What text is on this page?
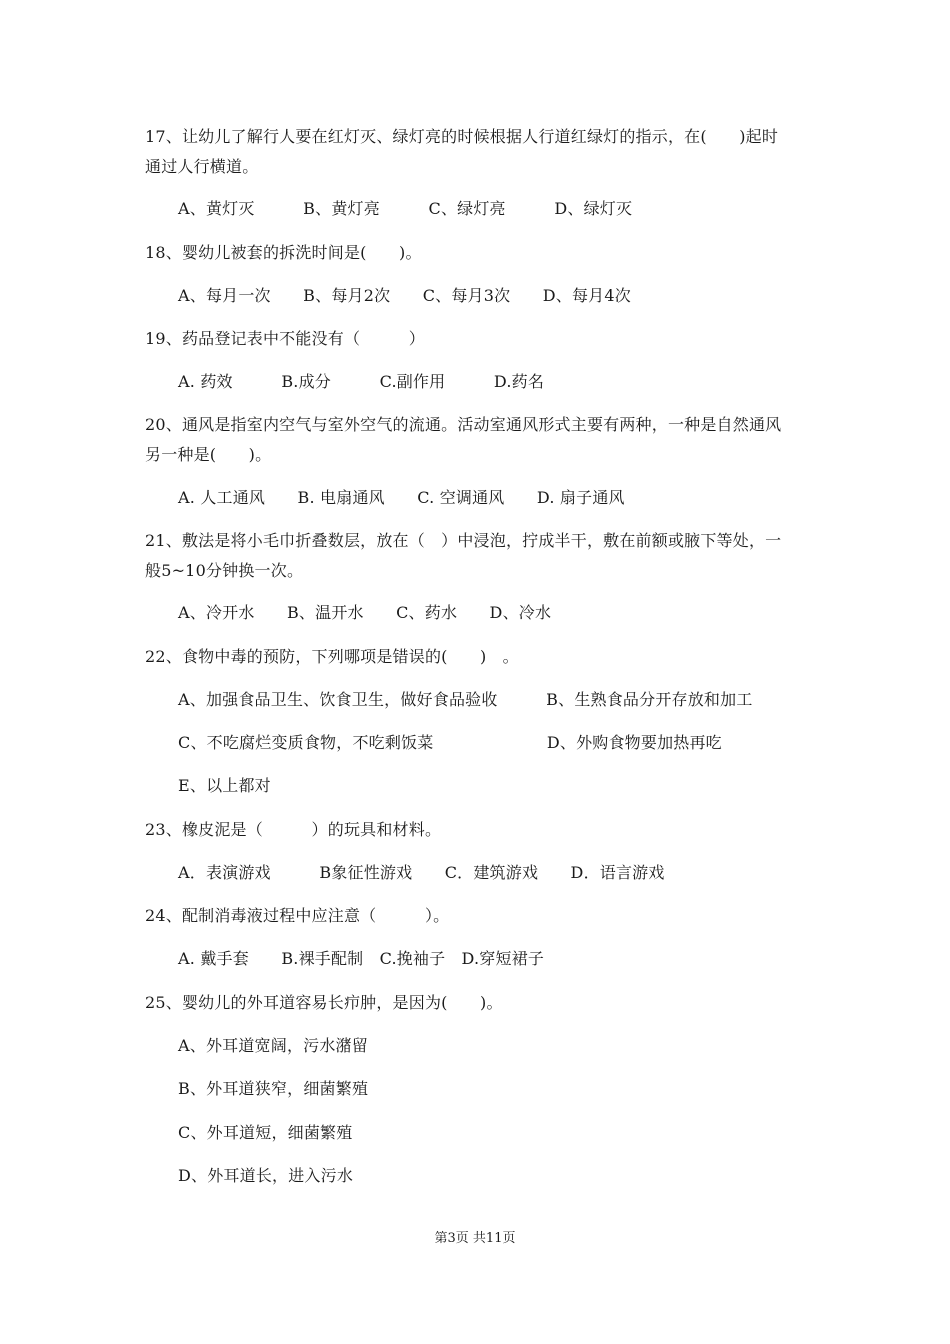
17、让幼儿了解行人要在红灯灭、绿灯亮的时候根据人行道红绿灯的指示，在(　　)起时
通过人行横道。
A、黄灯灭　　　B、黄灯亮　　　C、绿灯亮　　　D、绿灯灭
18、婴幼儿被套的拆洗时间是(　　)。
A、每月一次　　B、每月2次　　C、每月3次　　D、每月4次
19、药品登记表中不能没有（　　　）
A. 药效　　　B.成分　　　C.副作用　　　D.药名
20、通风是指室内空气与室外空气的流通。活动室通风形式主要有两种，一种是自然通风
另一种是(　　)。
A. 人工通风　　B. 电扇通风　　C. 空调通风　　D. 扇子通风
21、敷法是将小毛巾折叠数层，放在（　）中浸泡，拧成半干，敷在前额或腋下等处，一
般5~10分钟换一次。
A、冷开水　　B、温开水　　C、药水　　D、冷水
22、食物中毒的预防，下列哪项是错误的(　　)　。
A、加强食品卫生、饮食卫生，做好食品验收　　　B、生熟食品分开存放和加工
C、不吃腐烂变质食物，不吃剩饭菜　　　　　　　D、外购食物要加热再吃
E、以上都对
23、橡皮泥是（　　　）的玩具和材料。
A．表演游戏　　　B象征性游戏　　C．建筑游戏　　D．语言游戏
24、配制消毒液过程中应注意（　　　）。
A. 戴手套　　B.裸手配制　C.挽袖子　D.穿短裙子
25、婴幼儿的外耳道容易长疖肿，是因为(　　)。
A、外耳道宽阔，污水潴留
B、外耳道狭窄，细菌繁殖
C、外耳道短，细菌繁殖
D、外耳道长，进入污水
第3页 共11页
